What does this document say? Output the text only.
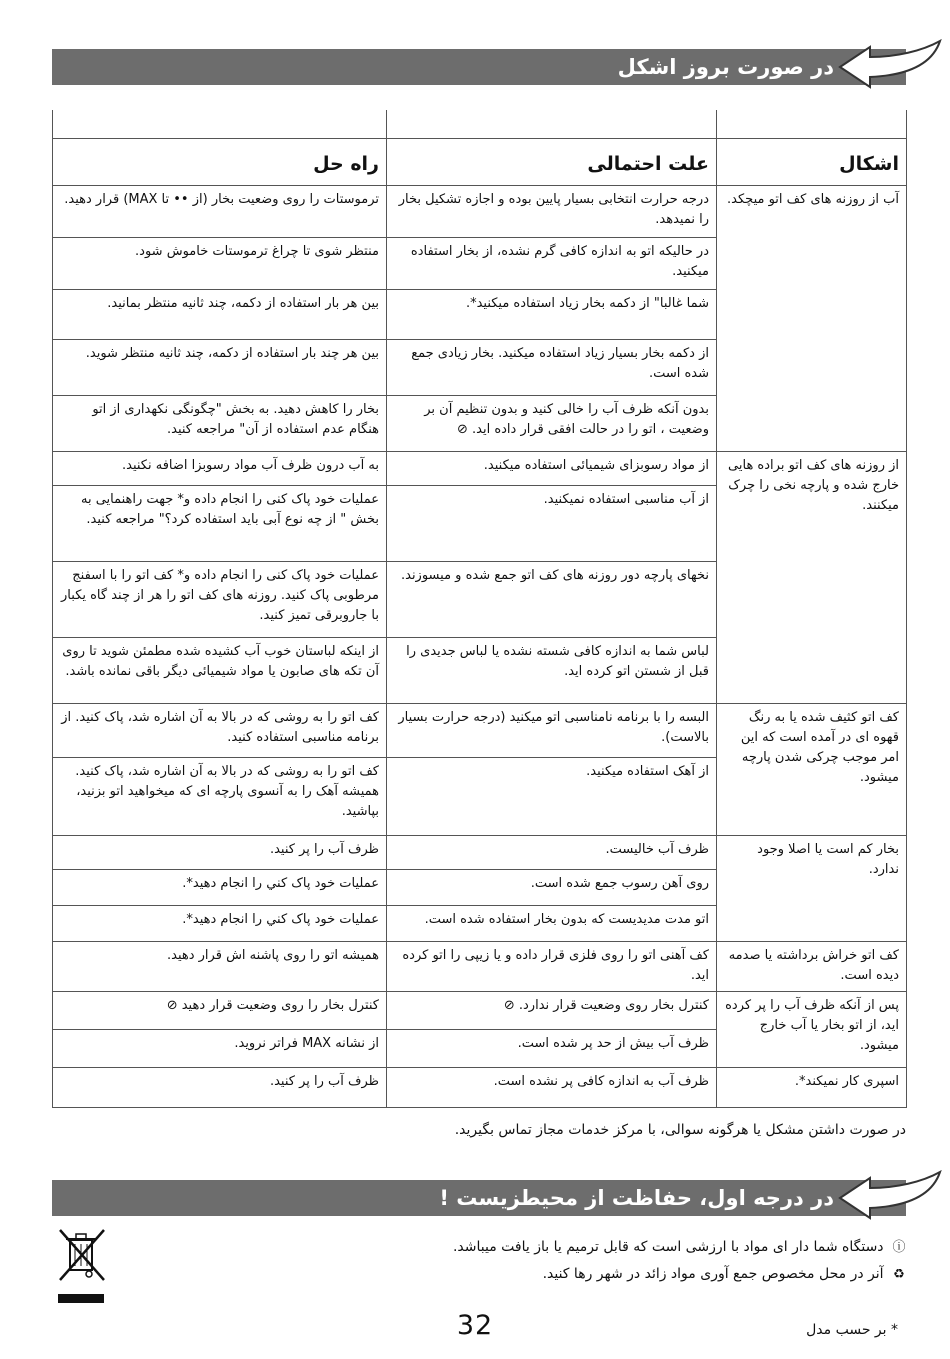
در صورت بروز اشکل

اشکال	علت احتمالی	راه حل
آب از روزنه های کف اتو میچکد.	درجه حرارت انتخابی بسیار پایین بوده و اجازه تشکیل بخار را نمیدهد.	ترموستات را روی وضعیت بخار (از •• تا MAX) قرار دهید.
	در حالیکه اتو به اندازه کافی گرم نشده، از بخار استفاده میکنید.	منتظر شوی تا چراغ ترموستات خاموش شود.
	شما غالبا" از دکمه بخار زیاد استفاده میکنید*.	بین هر بار استفاده از دکمه، چند ثانیه منتظر بمانید.
	از دکمه بخار بسیار زیاد استفاده میکنید. بخار زیادی جمع شده است.	بین هر چند بار استفاده از دکمه، چند ثانیه منتظر شوید.
	بدون آنکه ظرف آب را خالی کنید و بدون تنظیم آن بر وضعیت ، اتو را در حالت افقی قرار داده اید. ⊘	بخار را کاهش دهید. به بخش "چگونگی نکهداری از اتو هنگام عدم استفاده از آن" مراجعه کنید.
از روزنه های کف اتو براده هایی خارج شده و پارچه نخی را چرک میکنند.	از مواد رسوبزای شیمیائی استفاده میکنید.	به آب درون ظرف آب مواد رسوبزا اضافه نکنید.
	از آب مناسبی استفاده نمیکنید.	عملیات خود پاک کنی را انجام داده و* جهت راهنمایی به بخش " از چه نوع آبی باید استفاده کرد؟" مراجعه کنید.
	نخهای پارچه دور روزنه های کف اتو جمع شده و میسوزند.	عملیات خود پاک کنی را انجام داده و* کف اتو را با اسفنج مرطوبی پاک کنید. روزنه های کف اتو را هر از چند گاه یکبار با جاروبرقی تمیز کنید.
	لباس شما به اندازه کافی شسته نشده یا لباس جدیدی را قبل از شستن اتو کرده اید.	از اینکه لباستان خوب آب کشیده شده مطمئن شوید تا روی آن تکه های صابون یا مواد شیمیائی دیگر باقی نمانده باشد.
کف اتو کثیف شده یا به رنگ قهوه ای در آمده است که این امر موجب چرکی شدن پارچه میشود.	البسه را با برنامه نامناسبی اتو میکنید (درجه حرارت بسیار بالاست).	کف اتو را به روشی که در بالا به آن اشاره شد، پاک کنید. از برنامه مناسبی استفاده کنید.
	از آهک استفاده میکنید.	کف اتو را به روشی که در بالا به آن اشاره شد، پاک کنید. همیشه آهک را به آنسوی پارچه ای که میخواهید اتو بزنید، بپاشید.
بخار کم است یا اصلا وجود ندارد.	ظرف آب خالیست.	ظرف آب را پر کنید.
	روی آهن رسوب جمع شده است.	عملیات خود پاک کني را انجام دهید*.
	اتو مدت مدیدیست که بدون بخار استفاده شده است.	عملیات خود پاک کني را انجام دهید*.
کف اتو خراش برداشته یا صدمه دیده است.	کف آهنی اتو را روی فلزی قرار داده و یا زیپی را اتو کرده اید.	همیشه اتو را روی پاشنه اش قرار دهید.
پس از آنکه ظرف آب را پر کرده اید، از اتو بخار یا آب خارج میشود.	کنترل بخار روی وضعیت قرار ندارد. ⊘	کنترل بخار را روی وضعیت قرار دهید ⊘
	ظرف آب بیش از حد پر شده است.	از نشانه MAX فراتر نروید.
اسپری کار نمیکند*.	ظرف آب به اندازه کافی پر نشده است.	ظرف آب را پر کنید.
در صورت داشتن مشکل یا هرگونه سوالی، با مرکز خدمات مجاز تماس بگیرید.
در درجه اول، حفاظت از محیطزیست !
ⓘ دستگاه شما دار ای مواد با ارزشی است که قابل ترمیم یا باز یافت میباشد.
♻ آنر در محل مخصوص جمع آوری مواد زائد در شهر رها کنید.
32	* بر حسب مدل
